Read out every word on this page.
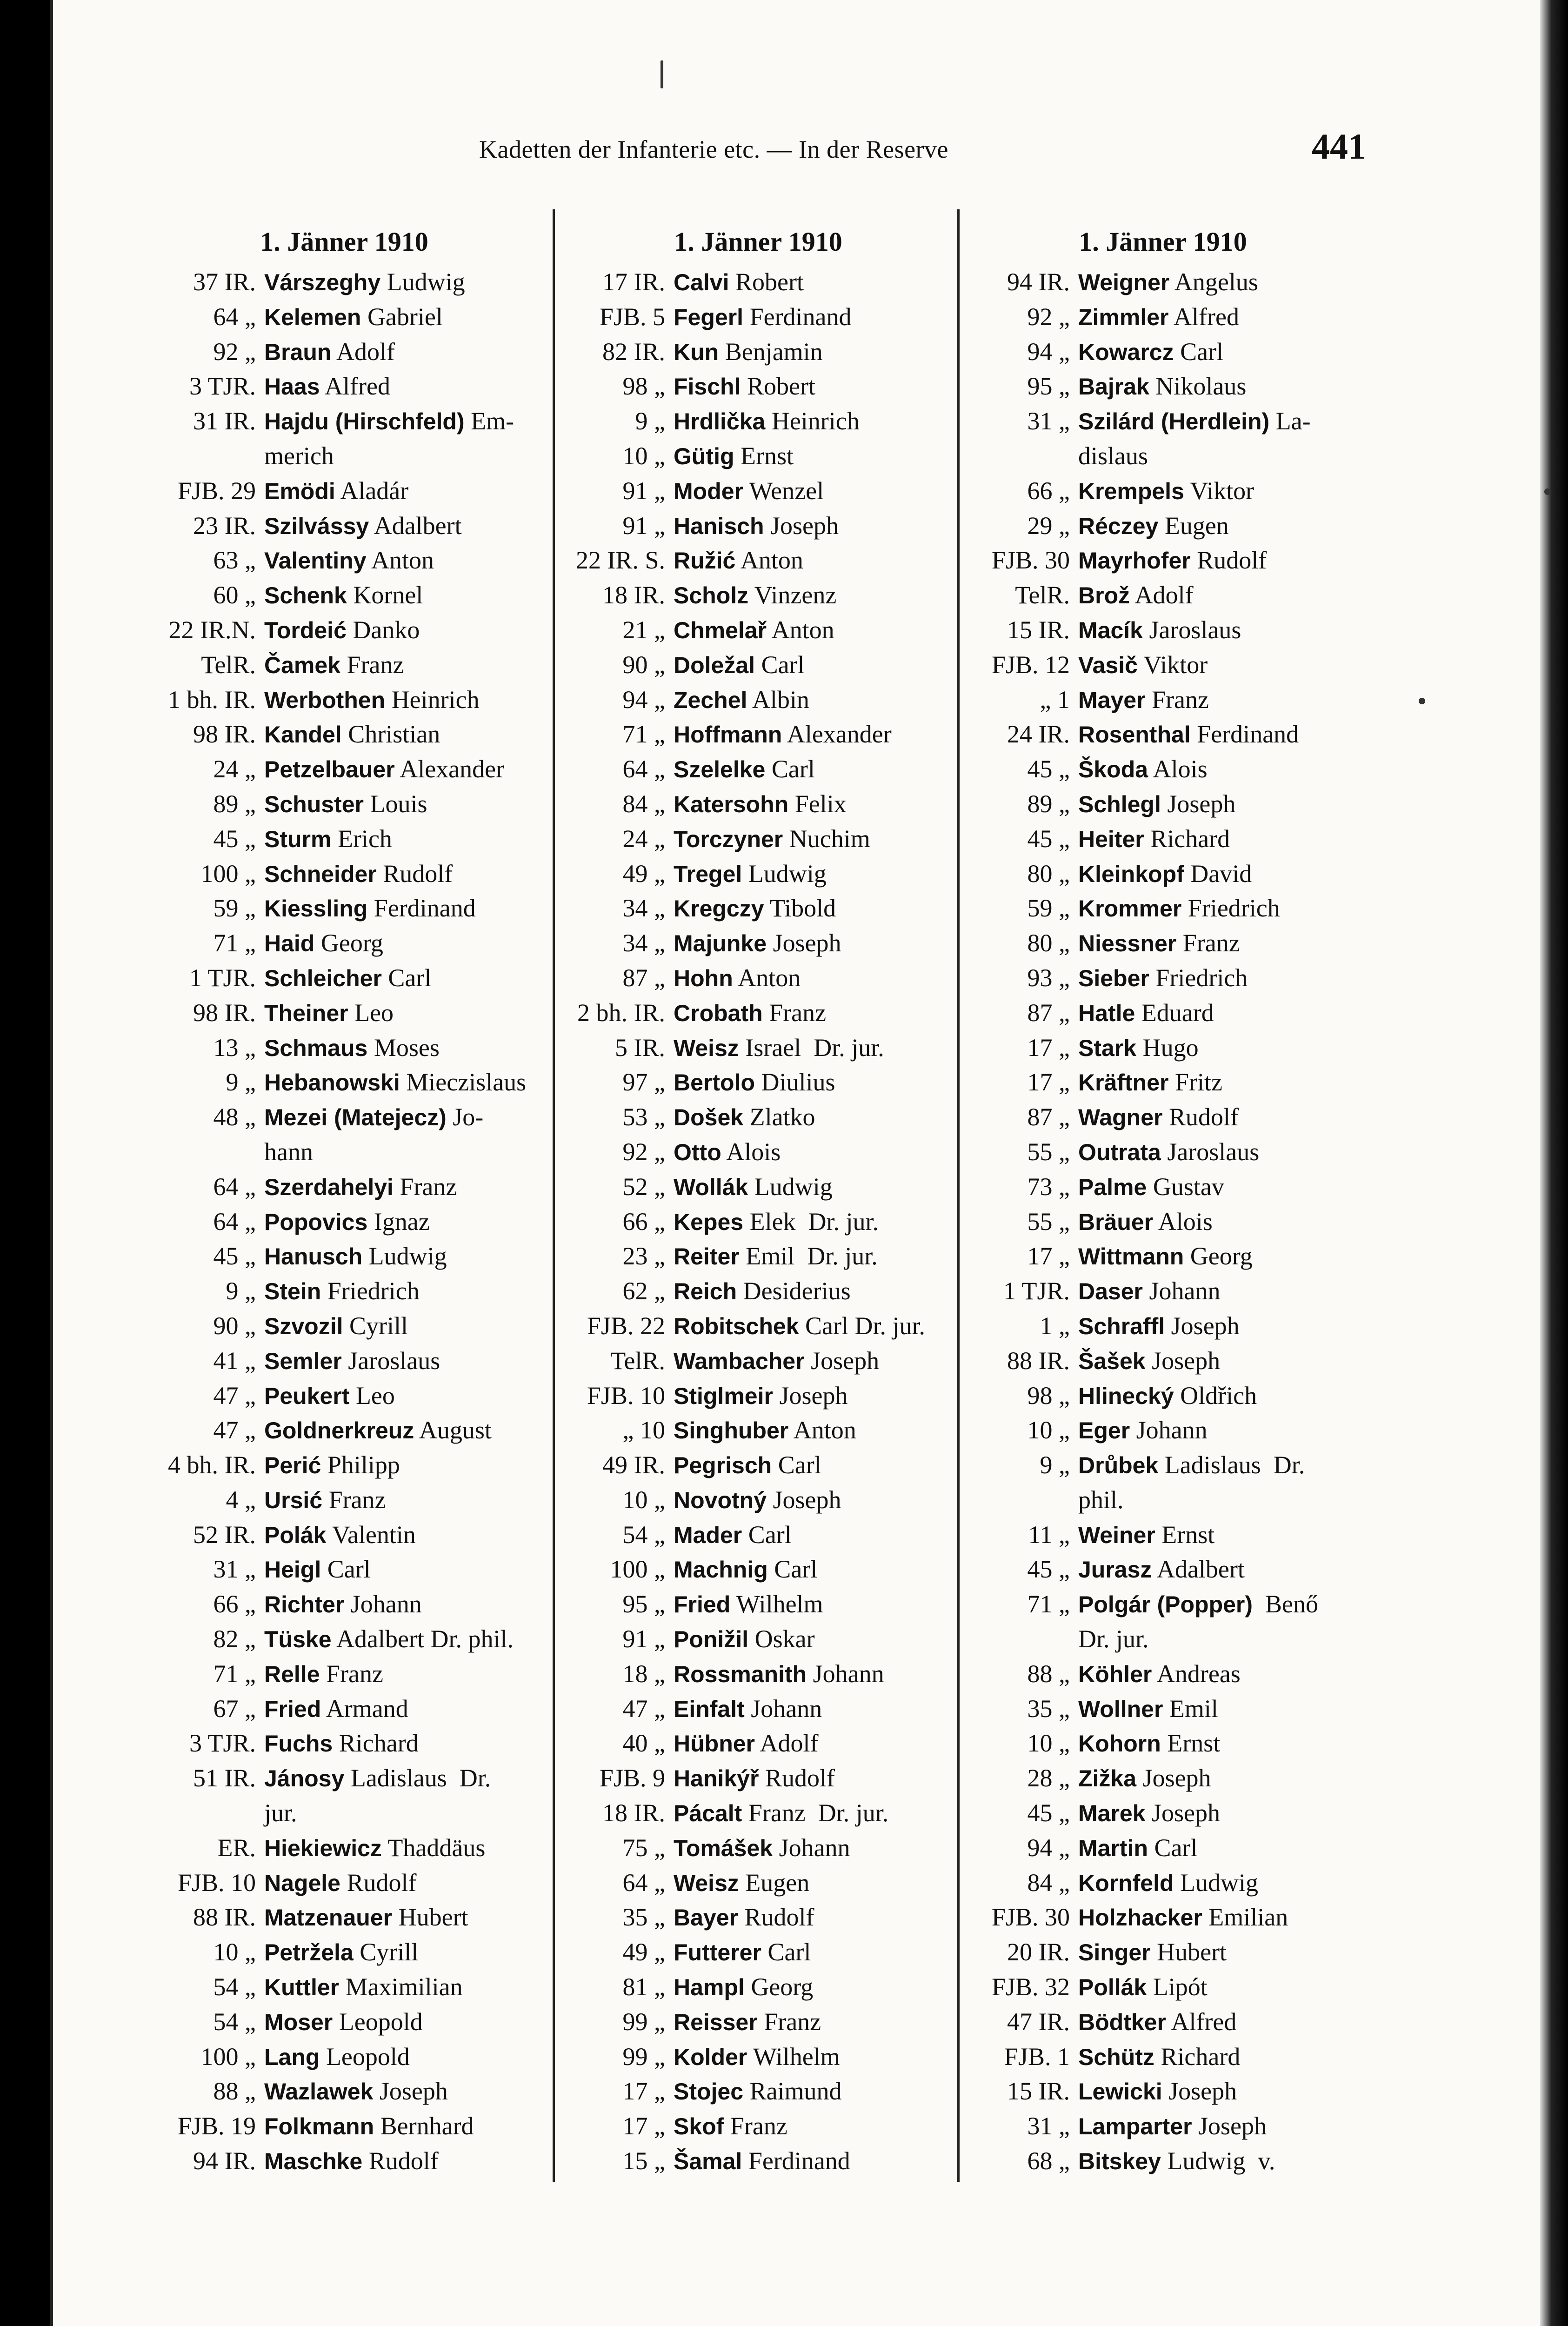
Kadetten der Infanterie etc. — In der Reserve	441
1. Jänner 1910
37 IR. Várszeghy Ludwig
64 „ Kelemen Gabriel
92 „ Braun Adolf
3 TJR. Haas Alfred
31 IR. Hajdu (Hirschfeld) Em-
merich
FJB. 29 Emödi Aladár
23 IR. Szilvássy Adalbert
63 „ Valentiny Anton
60 „ Schenk Kornel
22 IR.N. Tordeić Danko
TelR. Čamek Franz
1 bh. IR. Werbothen Heinrich
98 IR. Kandel Christian
24 „ Petzelbauer Alexander
89 „ Schuster Louis
45 „ Sturm Erich
100 „ Schneider Rudolf
59 „ Kiessling Ferdinand
71 „ Haid Georg
1 TJR. Schleicher Carl
98 IR. Theiner Leo
13 „ Schmaus Moses
9 „ Hebanowski Mieczislaus
48 „ Mezei (Matejecz) Jo-
hann
64 „ Szerdahelyi Franz
64 „ Popovics Ignaz
45 „ Hanusch Ludwig
9 „ Stein Friedrich
90 „ Szvozil Cyrill
41 „ Semler Jaroslaus
47 „ Peukert Leo
47 „ Goldnerkreuz August
4 bh. IR. Perić Philipp
4 „ Ursić Franz
52 IR. Polák Valentin
31 „ Heigl Carl
66 „ Richter Johann
82 „ Tüske Adalbert Dr. phil.
71 „ Relle Franz
67 „ Fried Armand
3 TJR. Fuchs Richard
51 IR. Jánosy Ladislaus  Dr.
jur.
ER. Hiekiewicz Thaddäus
FJB. 10 Nagele Rudolf
88 IR. Matzenauer Hubert
10 „ Petržela Cyrill
54 „ Kuttler Maximilian
54 „ Moser Leopold
100 „ Lang Leopold
88 „ Wazlawek Joseph
FJB. 19 Folkmann Bernhard
94 IR. Maschke Rudolf
1. Jänner 1910
17 IR. Calvi Robert
FJB. 5 Fegerl Ferdinand
82 IR. Kun Benjamin
98 „ Fischl Robert
9 „ Hrdlička Heinrich
10 „ Gütig Ernst
91 „ Moder Wenzel
91 „ Hanisch Joseph
22 IR. S. Ružić Anton
18 IR. Scholz Vinzenz
21 „ Chmelař Anton
90 „ Doležal Carl
94 „ Zechel Albin
71 „ Hoffmann Alexander
64 „ Szelelke Carl
84 „ Katersohn Felix
24 „ Torczyner Nuchim
49 „ Tregel Ludwig
34 „ Kregczy Tibold
34 „ Majunke Joseph
87 „ Hohn Anton
2 bh. IR. Crobath Franz
5 IR. Weisz Israel  Dr. jur.
97 „ Bertolo Diulius
53 „ Došek Zlatko
92 „ Otto Alois
52 „ Wollák Ludwig
66 „ Kepes Elek  Dr. jur.
23 „ Reiter Emil  Dr. jur.
62 „ Reich Desiderius
FJB. 22 Robitschek Carl Dr. jur.
TelR. Wambacher Joseph
FJB. 10 Stiglmeir Joseph
„ 10 Singhuber Anton
49 IR. Pegrisch Carl
10 „ Novotný Joseph
54 „ Mader Carl
100 „ Machnig Carl
95 „ Fried Wilhelm
91 „ Ponižil Oskar
18 „ Rossmanith Johann
47 „ Einfalt Johann
40 „ Hübner Adolf
FJB. 9 Hanikýř Rudolf
18 IR. Pácalt Franz  Dr. jur.
75 „ Tomášek Johann
64 „ Weisz Eugen
35 „ Bayer Rudolf
49 „ Futterer Carl
81 „ Hampl Georg
99 „ Reisser Franz
99 „ Kolder Wilhelm
17 „ Stojec Raimund
17 „ Skof Franz
15 „ Šamal Ferdinand
1. Jänner 1910
94 IR. Weigner Angelus
92 „ Zimmler Alfred
94 „ Kowarcz Carl
95 „ Bajrak Nikolaus
31 „ Szilárd (Herdlein) La-
dislaus
66 „ Krempels Viktor
29 „ Réczey Eugen
FJB. 30 Mayrhofer Rudolf
TelR. Brož Adolf
15 IR. Macík Jaroslaus
FJB. 12 Vasič Viktor
„ 1 Mayer Franz
24 IR. Rosenthal Ferdinand
45 „ Škoda Alois
89 „ Schlegl Joseph
45 „ Heiter Richard
80 „ Kleinkopf David
59 „ Krommer Friedrich
80 „ Niessner Franz
93 „ Sieber Friedrich
87 „ Hatle Eduard
17 „ Stark Hugo
17 „ Kräftner Fritz
87 „ Wagner Rudolf
55 „ Outrata Jaroslaus
73 „ Palme Gustav
55 „ Bräuer Alois
17 „ Wittmann Georg
1 TJR. Daser Johann
1 „ Schraffl Joseph
88 IR. Šašek Joseph
98 „ Hlinecký Oldřich
10 „ Eger Johann
9 „ Drůbek Ladislaus  Dr.
phil.
11 „ Weiner Ernst
45 „ Jurasz Adalbert
71 „ Polgár (Popper)  Benő
Dr. jur.
88 „ Köhler Andreas
35 „ Wollner Emil
10 „ Kohorn Ernst
28 „ Zižka Joseph
45 „ Marek Joseph
94 „ Martin Carl
84 „ Kornfeld Ludwig
FJB. 30 Holzhacker Emilian
20 IR. Singer Hubert
FJB. 32 Pollák Lipót
47 IR. Bödtker Alfred
FJB. 1 Schütz Richard
15 IR. Lewicki Joseph
31 „ Lamparter Joseph
68 „ Bitskey Ludwig  v.
